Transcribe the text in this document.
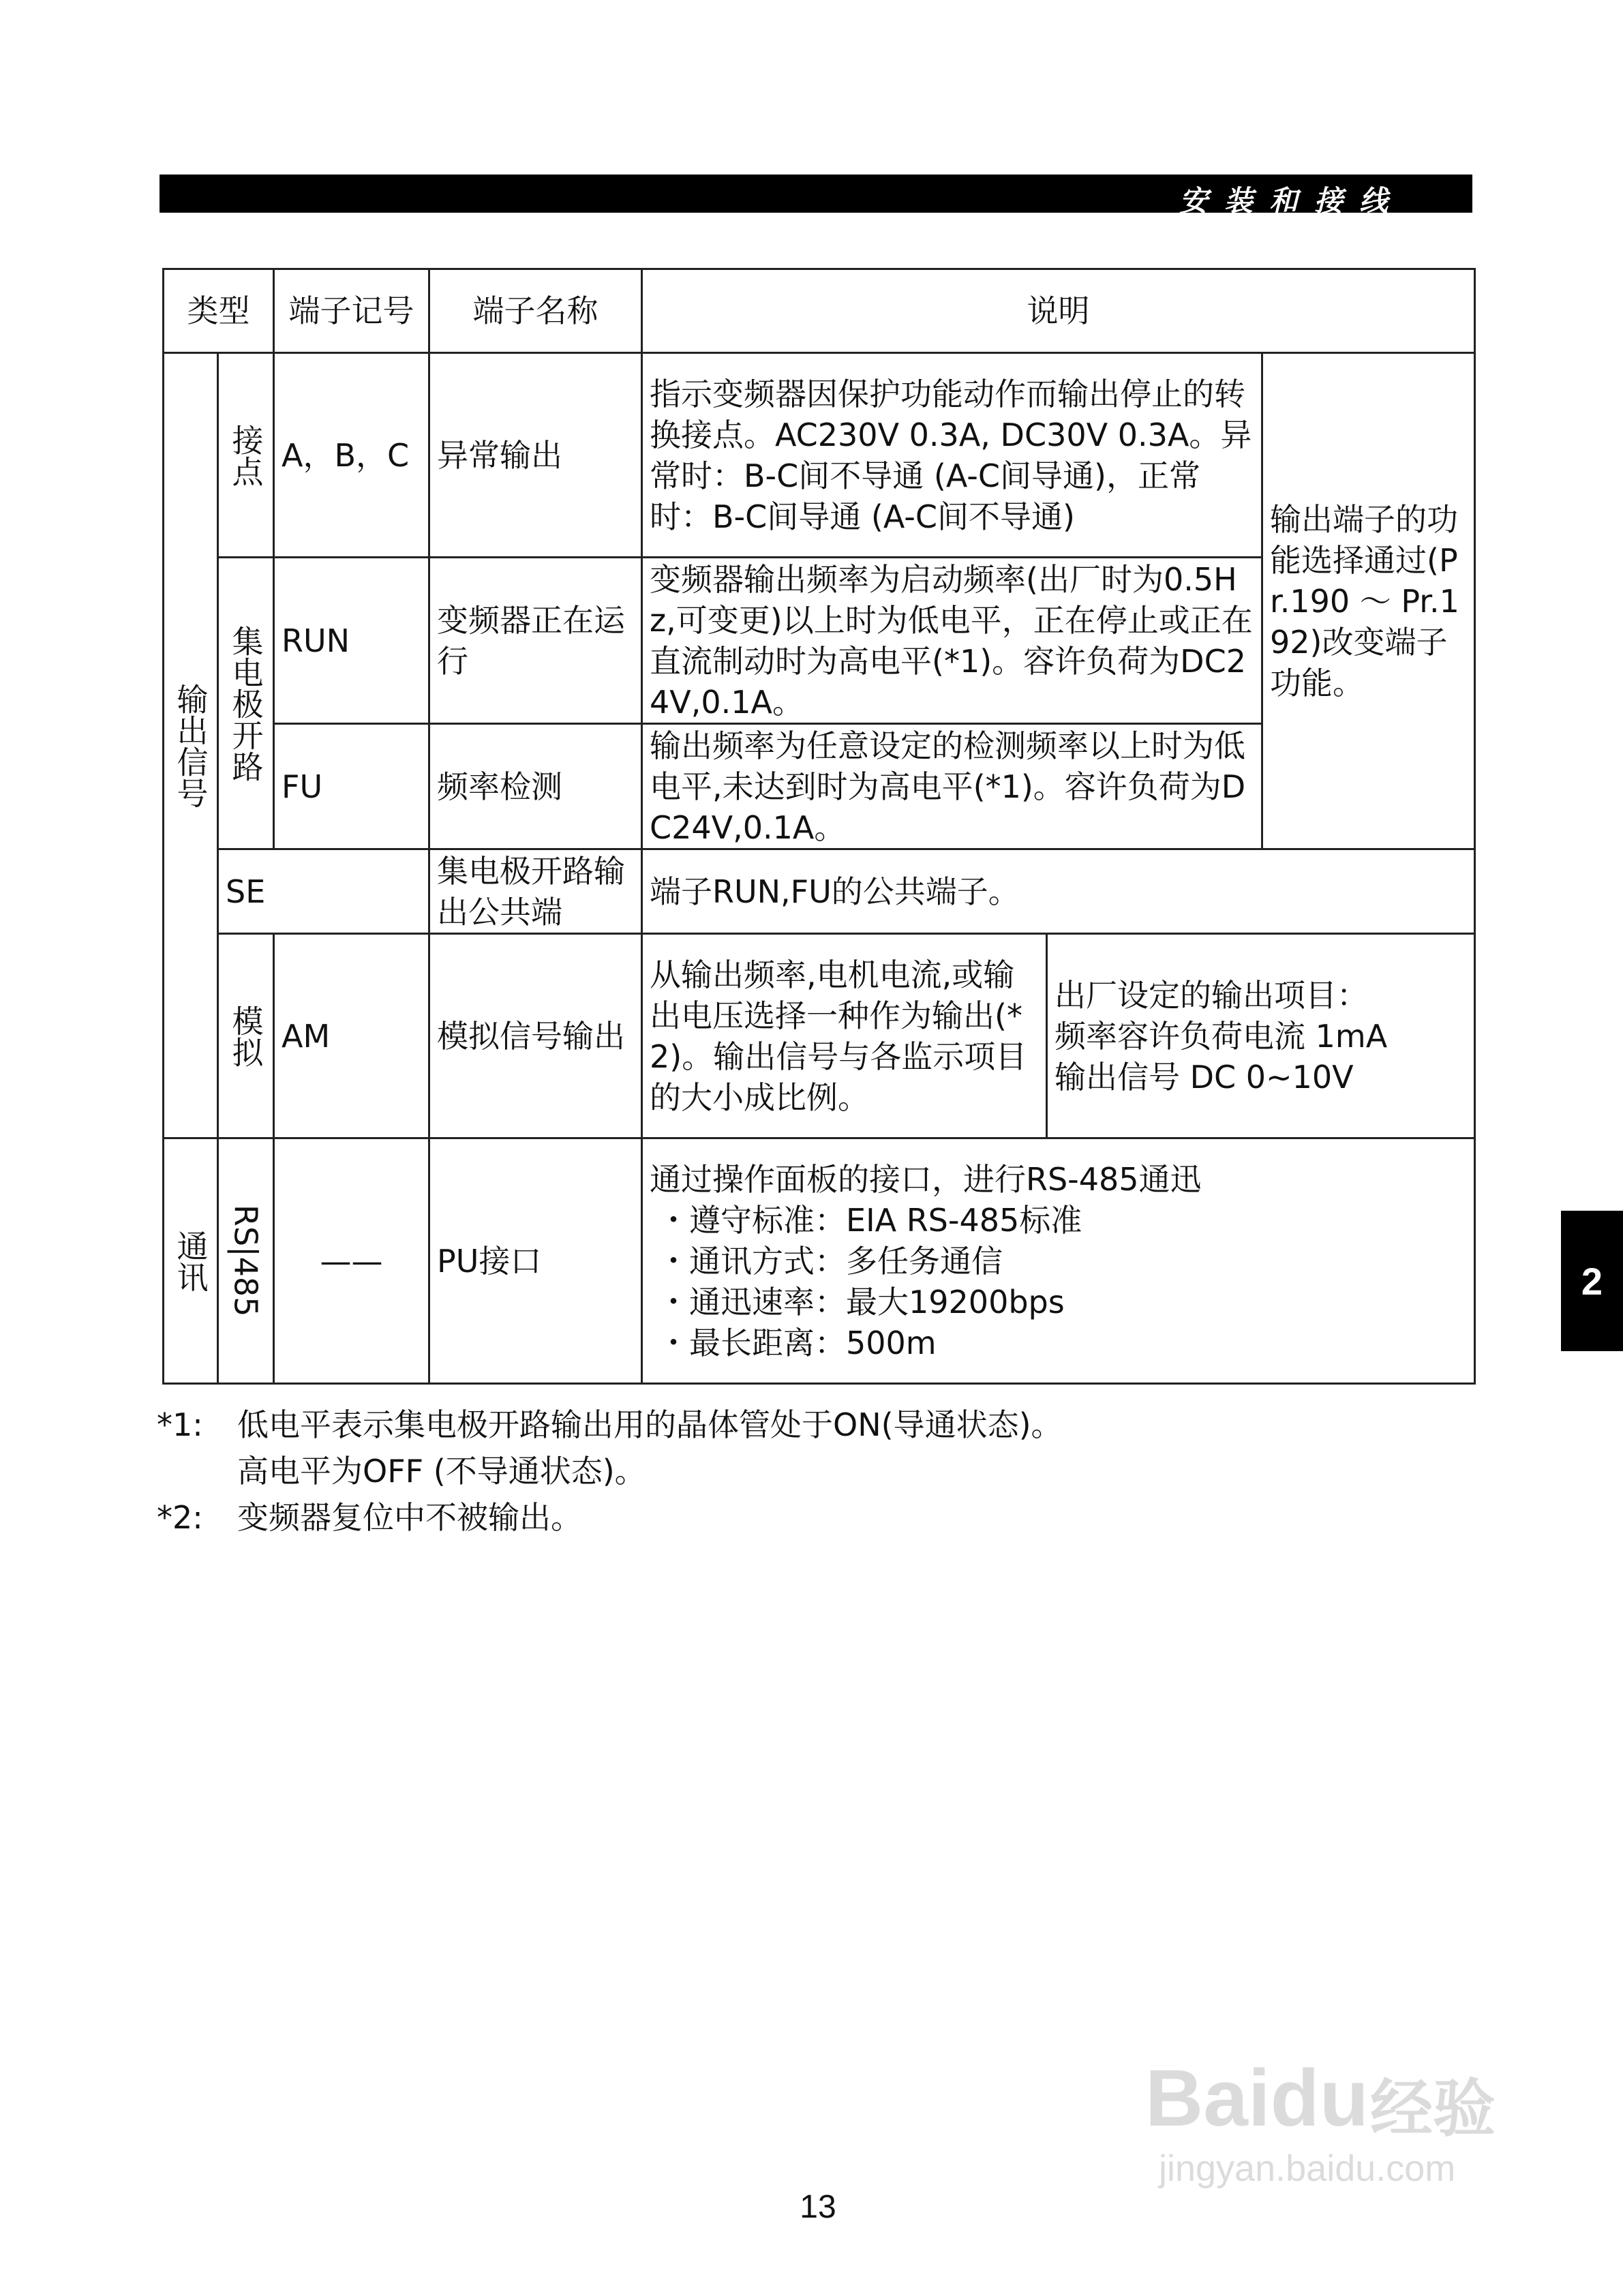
安装和接线
类型		端子记号	端子名称	说明		
输出信号	接点	A，B，C	异常输出	指示变频器因保护功能动作而输出停止的转换接点。AC230V 0.3A, DC30V 0.3A。异常时：B-C间不导通 (A-C间导通)，正常时：B-C间导通 (A-C间不导通)		输出端子的功能选择通过(Pr.190 ～ Pr.192)改变端子功能。
	集电极开路	RUN	变频器正在运行	变频器输出频率为启动频率(出厂时为0.5Hz,可变更)以上时为低电平，正在停止或正在直流制动时为高电平(*1)。容许负荷为DC24V,0.1A。		
		FU	频率检测	输出频率为任意设定的检测频率以上时为低电平,未达到时为高电平(*1)。容许负荷为DC24V,0.1A。		
	SE		集电极开路输出公共端	端子RUN,FU的公共端子。		
	模拟	AM	模拟信号输出	从输出频率,电机电流,或输出电压选择一种作为输出(*2)。输出信号与各监示项目的大小成比例。	出厂设定的输出项目：

频率容许负荷电流 1mA

输出信号 DC 0~10V	

通讯	RS|485	——	PU接口	通过操作面板的接口，进行RS-485通迅

・遵守标准：EIA RS-485标准
・通讯方式：多任务通信
・通迅速率：最大19200bps
・最长距离：500m		
*1:	低电平表示集电极开路输出用的晶体管处于ON(导通状态)。

高电平为OFF (不导通状态)。

*2:	变频器复位中不被输出。

2
Baidu 经验
jingyan.baidu.com
13
